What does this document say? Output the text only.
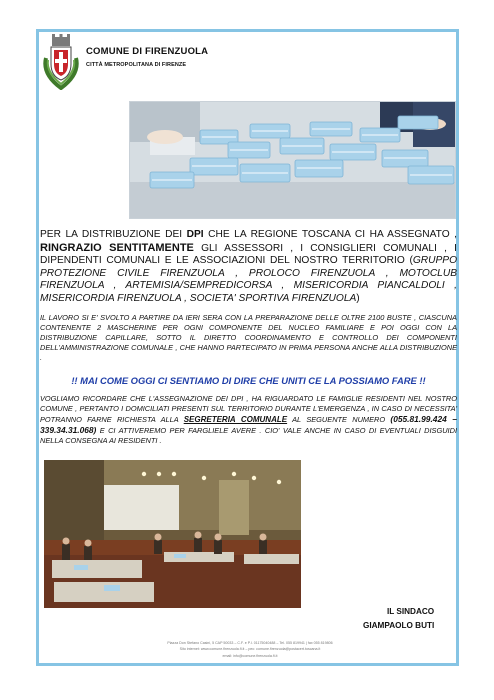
COMUNE DI FIRENZUOLA
CITTÀ METROPOLITANA DI FIRENZE
PER LA DISTRIBUZIONE DEI DPI CHE LA REGIONE TOSCANA CI HA ASSEGNATO , RINGRAZIO SENTITAMENTE GLI ASSESSORI , I CONSIGLIERI COMUNALI , I DIPENDENTI COMUNALI E LE ASSOCIAZIONI DEL NOSTRO TERRITORIO (GRUPPO PROTEZIONE CIVILE FIRENZUOLA , PROLOCO FIRENZUOLA , MOTOCLUB FIRENZUOLA , ARTEMISIA/SEMPREDICORSA , MISERICORDIA PIANCALDOLI , MISERICORDIA FIRENZUOLA , SOCIETA' SPORTIVA FIRENZUOLA)
IL LAVORO SI E' SVOLTO A PARTIRE DA IERI SERA CON LA PREPARAZIONE DELLE OLTRE 2100 BUSTE , CIASCUNA CONTENENTE 2 MASCHERINE PER OGNI COMPONENTE DEL NUCLEO FAMILIARE E POI OGGI CON LA DISTRIBUZIONE CAPILLARE, SOTTO IL DIRETTO COORDINAMENTO E CONTROLLO DEI COMPONENTI DELL'AMMINISTRAZIONE COMUNALE , CHE HANNO PARTECIPATO IN PRIMA PERSONA ANCHE ALLA DISTRIBUZIONE .
!! MAI COME OGGI CI SENTIAMO DI DIRE CHE UNITI CE LA POSSIAMO FARE !!
VOGLIAMO RICORDARE CHE L'ASSEGNAZIONE DEI DPI , HA RIGUARDATO LE FAMIGLIE RESIDENTI NEL NOSTRO COMUNE , PERTANTO I DOMICILIATI PRESENTI SUL TERRITORIO DURANTE L'EMERGENZA , IN CASO DI NECESSITA' POTRANNO FARNE RICHIESTA ALLA SEGRETERIA COMUNALE AL SEGUENTE NUMERO (055.81.99.424 – 339.34.31.068) E CI ATTIVEREMO PER FARGLIELE AVERE . CIO' VALE ANCHE IN CASO DI EVENTUALI DISGUIDI NELLA CONSEGNA AI RESIDENTI .
IL SINDACO
GIAMPAOLO BUTI
Piazza Don Stefano Casini, 5 CAP 50033 – C.F. e P.I. 01175040488 – Tel. 055 819941 | fax 055 819806
Sito internet: www.comune.firenzuola.fi.it – pec: comune.firenzuola@postacert.toscana.it
email: info@comune.firenzuola.fi.it
